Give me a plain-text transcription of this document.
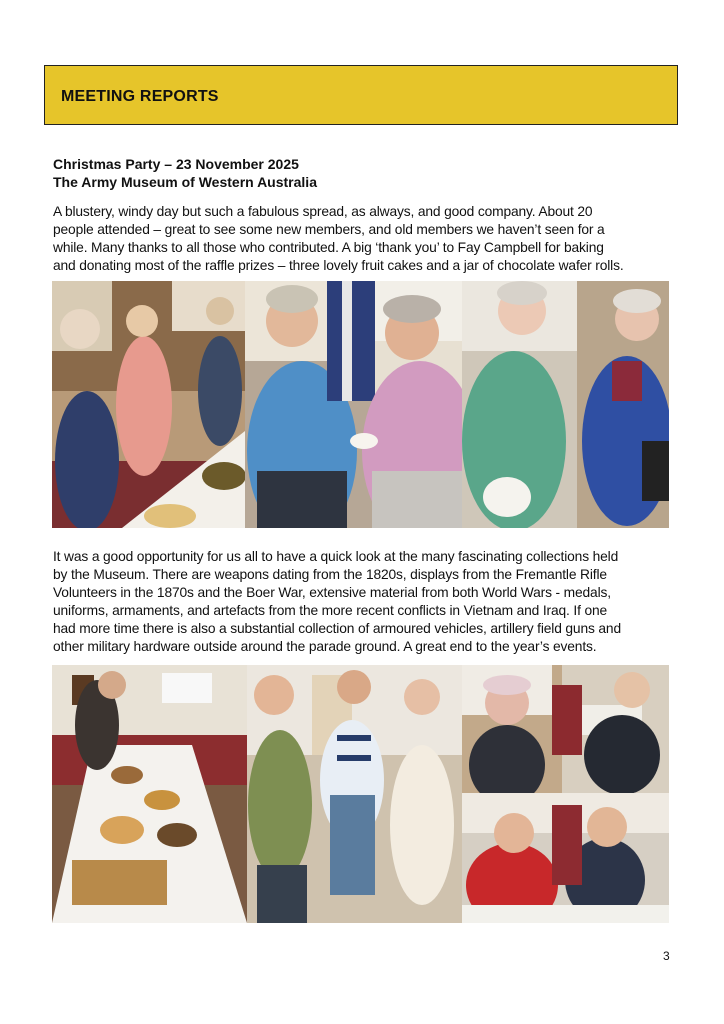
MEETING REPORTS
Christmas Party – 23 November 2025
The Army Museum of Western Australia
A blustery, windy day but such a fabulous spread, as always, and good company. About 20
people attended – great to see some new members, and old members we haven’t seen for a
while. Many thanks to all those who contributed. A big ‘thank you’ to Fay Campbell for baking
and donating most of the raffle prizes – three lovely fruit cakes and a jar of chocolate wafer rolls.
It was a good opportunity for us all to have a quick look at the many fascinating collections held
by the Museum. There are weapons dating from the 1820s, displays from the Fremantle Rifle
Volunteers in the 1870s and the Boer War, extensive material from both World Wars - medals,
uniforms, armaments, and artefacts from the more recent conflicts in Vietnam and Iraq. If one
had more time there is also a substantial collection of armoured vehicles, artillery field guns and
other military hardware outside around the parade ground. A great end to the year’s events.
3
